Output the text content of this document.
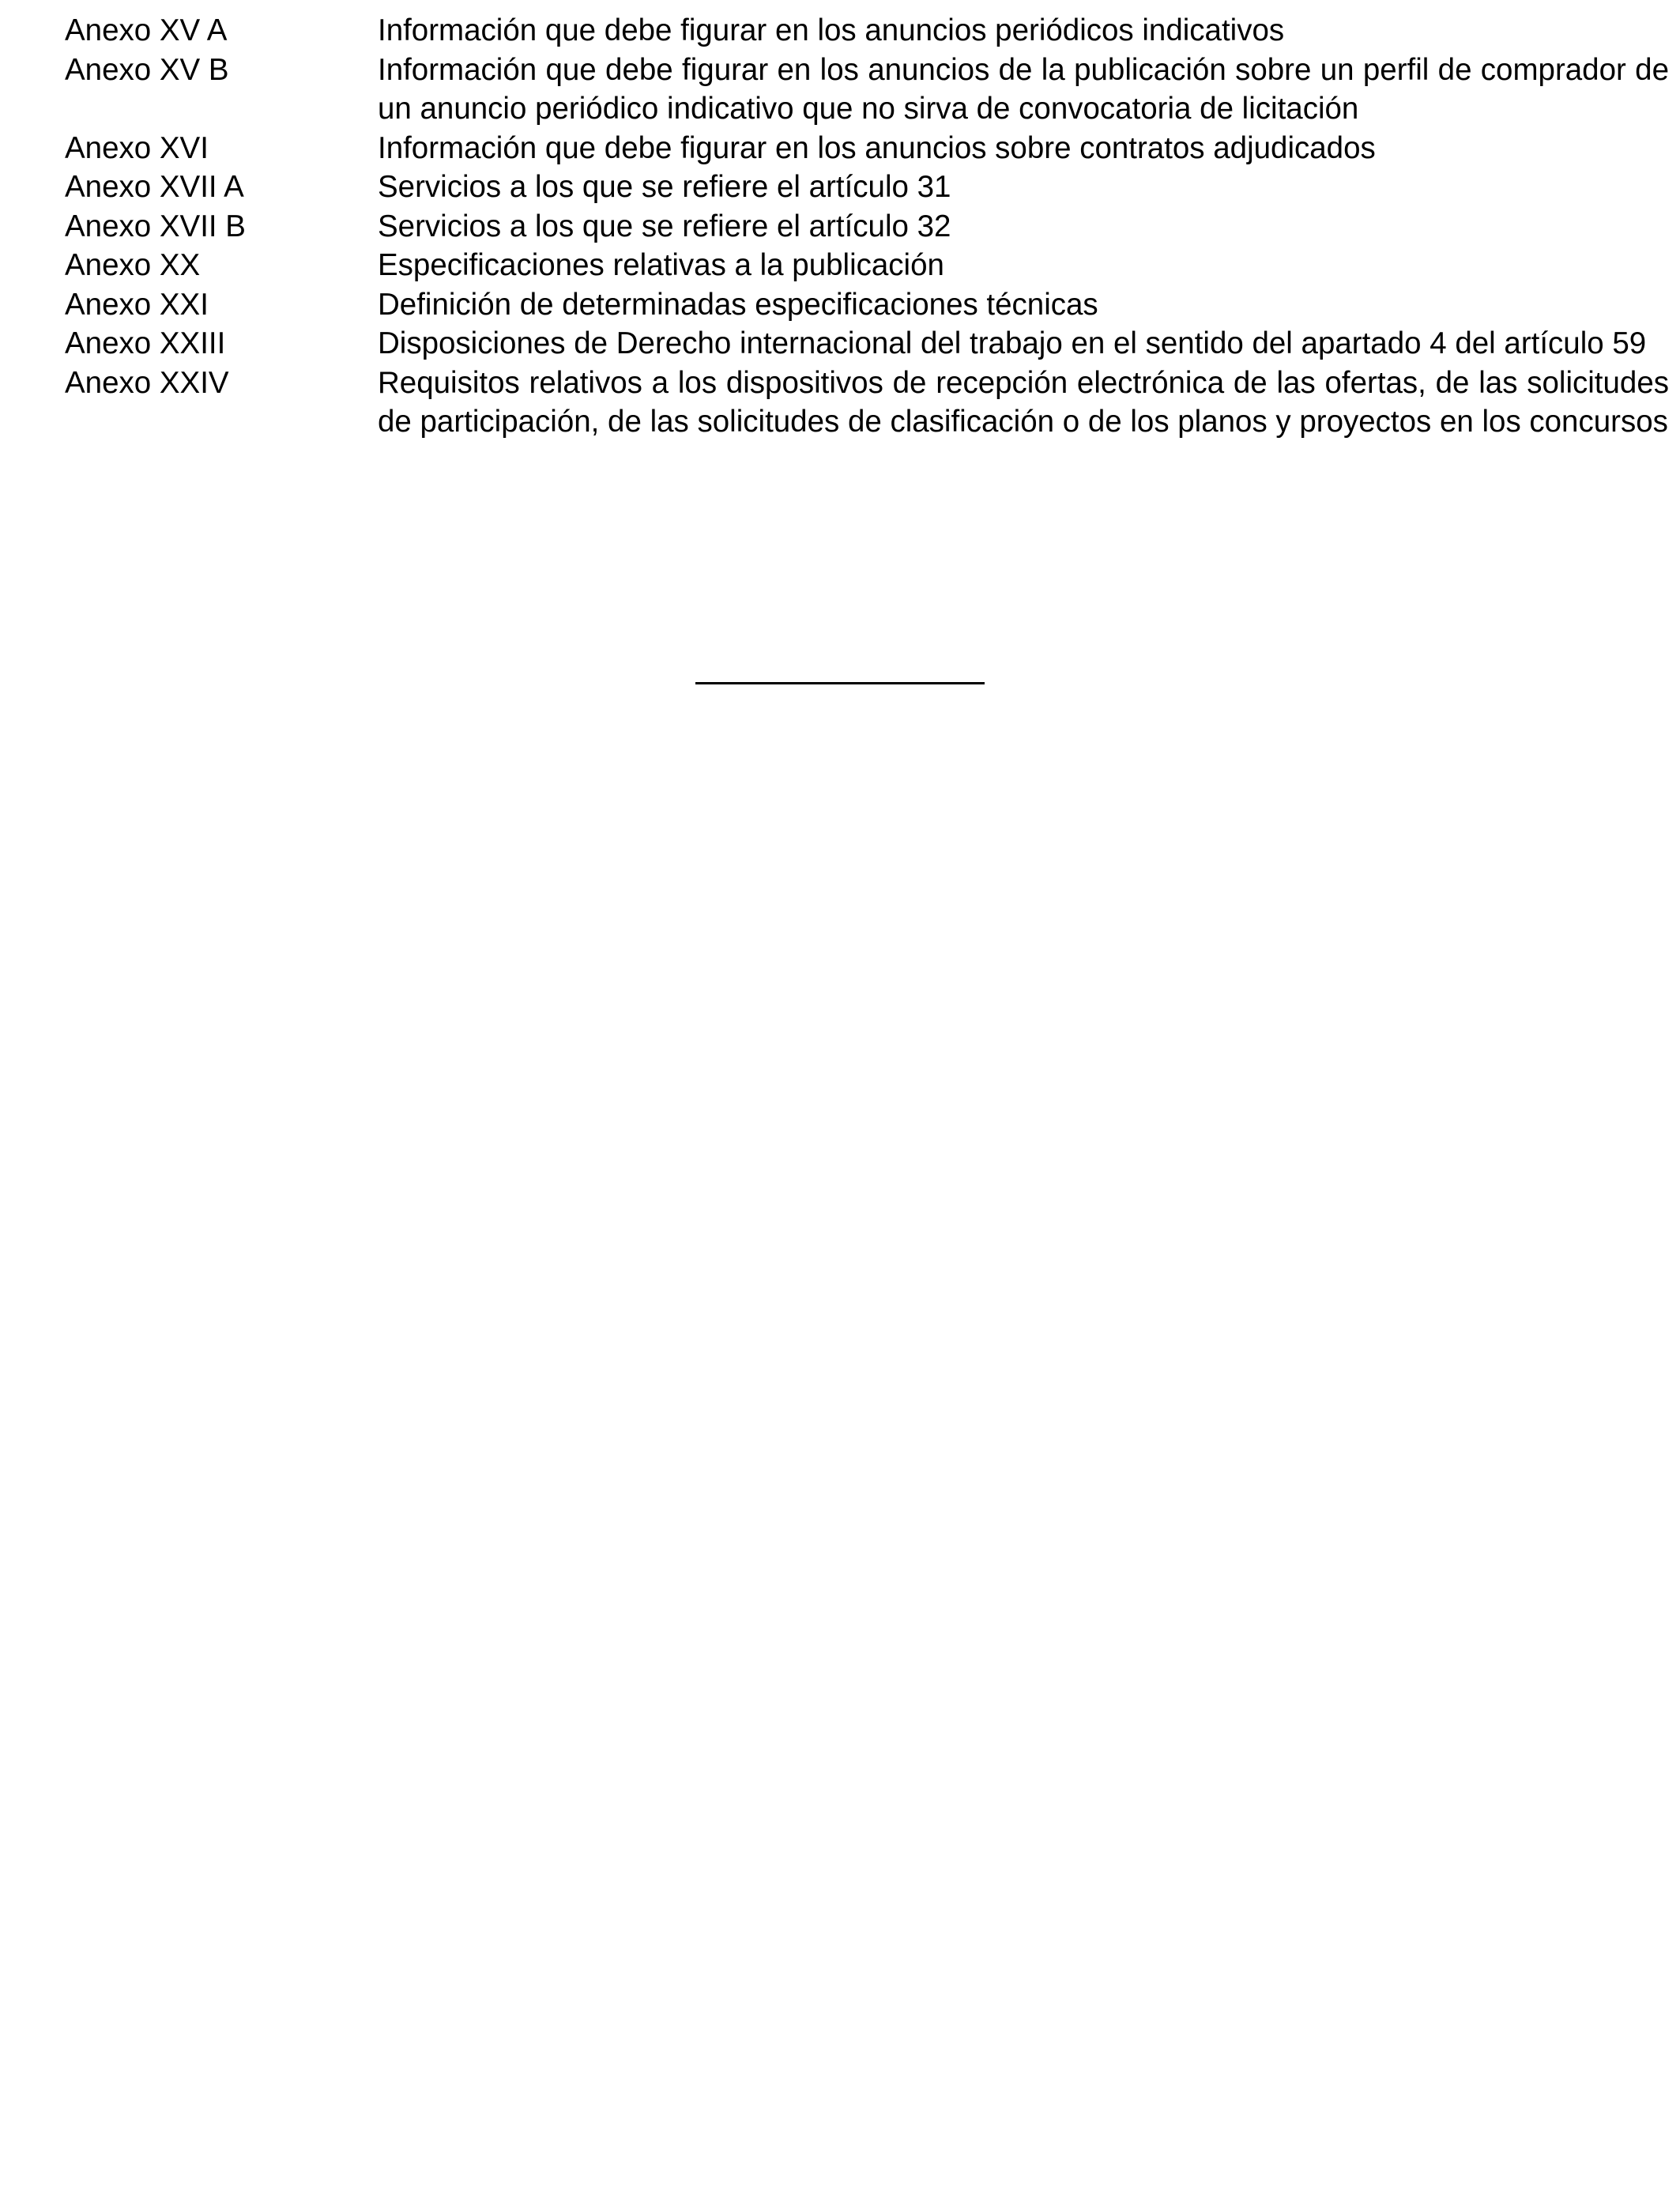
Anexo XV A	Información que debe figurar en los anuncios periódicos indicativos
Anexo XV B	Información que debe figurar en los anuncios de la publicación sobre un perfil de comprador de un anuncio periódico indicativo que no sirva de convocatoria de licitación
Anexo XVI	Información que debe figurar en los anuncios sobre contratos adjudicados
Anexo XVII A	Servicios a los que se refiere el artículo 31
Anexo XVII B	Servicios a los que se refiere el artículo 32
Anexo XX	Especificaciones relativas a la publicación
Anexo XXI	Definición de determinadas especificaciones técnicas
Anexo XXIII	Disposiciones de Derecho internacional del trabajo en el sentido del apartado 4 del artículo 59
Anexo XXIV	Requisitos relativos a los dispositivos de recepción electrónica de las ofertas, de las solicitudes de participación, de las solicitudes de clasificación o de los planos y proyectos en los concursos
